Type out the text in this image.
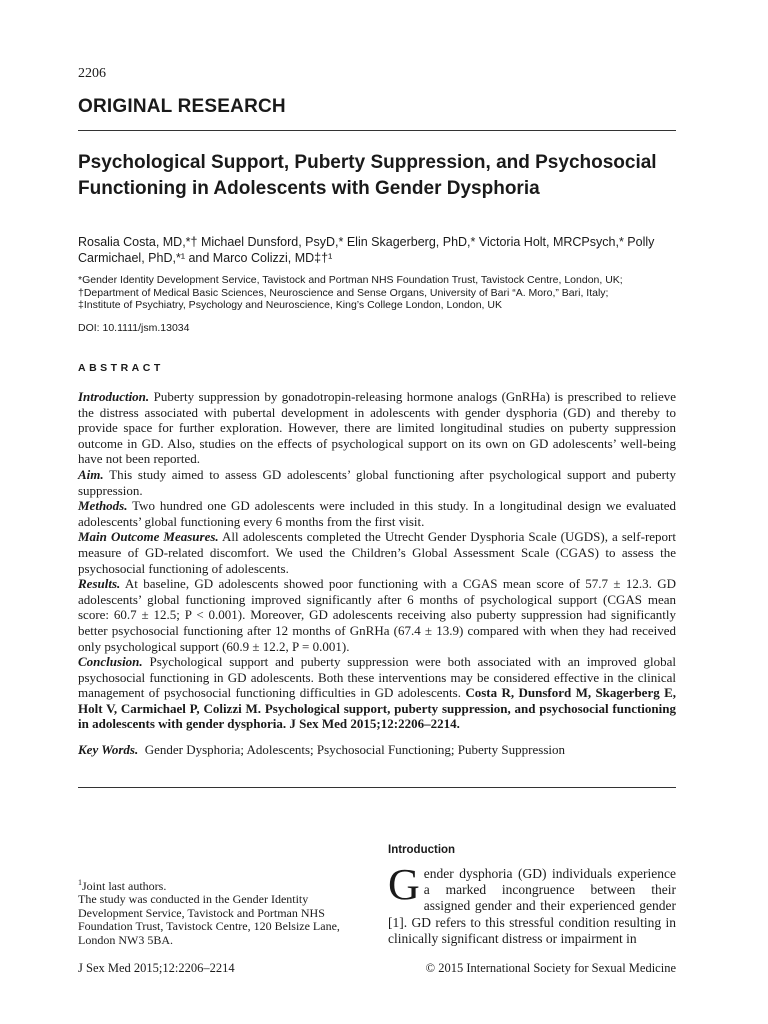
2206
ORIGINAL RESEARCH
Psychological Support, Puberty Suppression, and Psychosocial Functioning in Adolescents with Gender Dysphoria
Rosalia Costa, MD,*† Michael Dunsford, PsyD,* Elin Skagerberg, PhD,* Victoria Holt, MRCPsych,* Polly Carmichael, PhD,*¹ and Marco Colizzi, MD‡†¹
*Gender Identity Development Service, Tavistock and Portman NHS Foundation Trust, Tavistock Centre, London, UK;
†Department of Medical Basic Sciences, Neuroscience and Sense Organs, University of Bari “A. Moro,” Bari, Italy;
‡Institute of Psychiatry, Psychology and Neuroscience, King’s College London, London, UK
DOI: 10.1111/jsm.13034
ABSTRACT

Introduction. Puberty suppression by gonadotropin-releasing hormone analogs (GnRHa) is prescribed to relieve the distress associated with pubertal development in adolescents with gender dysphoria (GD) and thereby to provide space for further exploration. However, there are limited longitudinal studies on puberty suppression outcome in GD. Also, studies on the effects of psychological support on its own on GD adolescents’ well-being have not been reported.

Aim. This study aimed to assess GD adolescents’ global functioning after psychological support and puberty suppression.

Methods. Two hundred one GD adolescents were included in this study. In a longitudinal design we evaluated adolescents’ global functioning every 6 months from the first visit.

Main Outcome Measures. All adolescents completed the Utrecht Gender Dysphoria Scale (UGDS), a self-report measure of GD-related discomfort. We used the Children’s Global Assessment Scale (CGAS) to assess the psychosocial functioning of adolescents.

Results. At baseline, GD adolescents showed poor functioning with a CGAS mean score of 57.7 ± 12.3. GD adolescents’ global functioning improved significantly after 6 months of psychological support (CGAS mean score: 60.7 ± 12.5; P < 0.001). Moreover, GD adolescents receiving also puberty suppression had significantly better psychosocial functioning after 12 months of GnRHa (67.4 ± 13.9) compared with when they had received only psychological support (60.9 ± 12.2, P = 0.001).

Conclusion. Psychological support and puberty suppression were both associated with an improved global psychosocial functioning in GD adolescents. Both these interventions may be considered effective in the clinical management of psychosocial functioning difficulties in GD adolescents. Costa R, Dunsford M, Skagerberg E, Holt V, Carmichael P, Colizzi M. Psychological support, puberty suppression, and psychosocial functioning in adolescents with gender dysphoria. J Sex Med 2015;12:2206–2214.

Key Words. Gender Dysphoria; Adolescents; Psychosocial Functioning; Puberty Suppression

$^1$Joint last authors.

The study was conducted in the Gender Identity Development Service, Tavistock and Portman NHS Foundation Trust, Tavistock Centre, 120 Belsize Lane, London NW3 5BA.

Introduction
Gender dysphoria (GD) individuals experience a marked incongruence between their assigned gender and their experienced gender [1]. GD refers to this stressful condition resulting in clinically significant distress or impairment in
J Sex Med 2015;12:2206–2214	© 2015 International Society for Sexual Medicine
